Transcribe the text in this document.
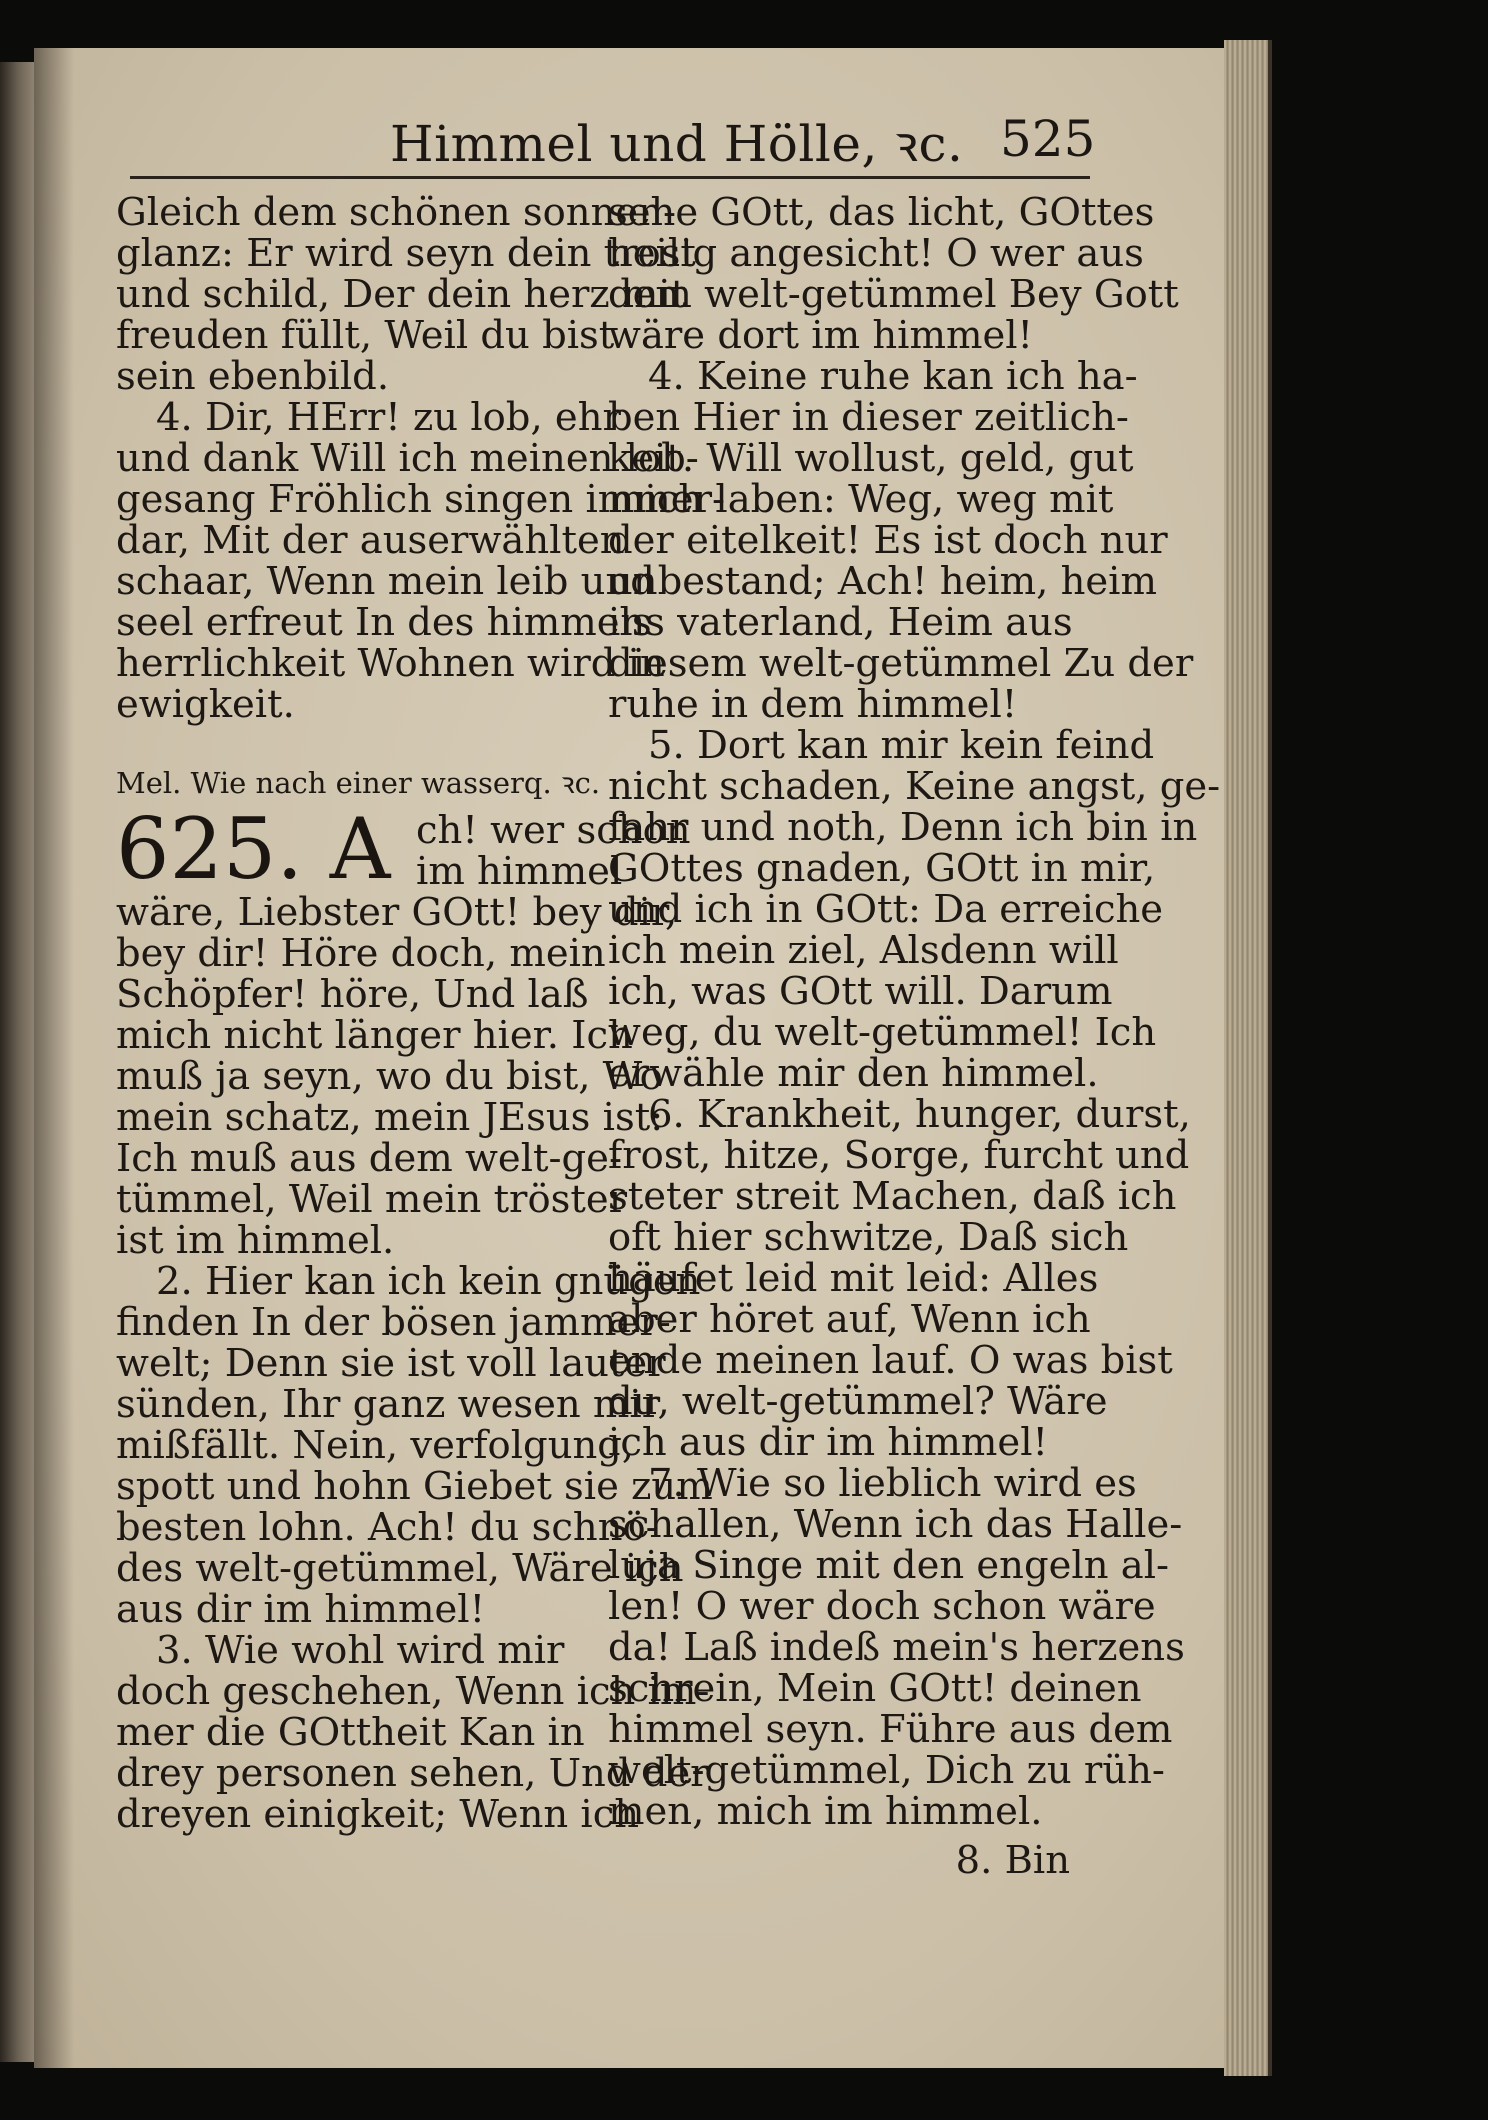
Himmel und Hölle, ꝛc. 525
Gleich dem schönen sonnen-
glanz: Er wird seyn dein trost
und schild, Der dein herz mit
freuden füllt, Weil du bist
sein ebenbild.
4. Dir, HErr! zu lob, ehr
und dank Will ich meinen lob-
gesang Fröhlich singen immer-
dar, Mit der auserwählten
schaar, Wenn mein leib und
seel erfreut In des himmels
herrlichkeit Wohnen wird in
ewigkeit.
Mel. Wie nach einer wasserq. ꝛc.
625. A ch! wer schon
im himmel
wäre, Liebster GOtt! bey dir,
bey dir! Höre doch, mein
Schöpfer! höre, Und laß
mich nicht länger hier. Ich
muß ja seyn, wo du bist, Wo
mein schatz, mein JEsus ist:
Ich muß aus dem welt-ge-
tümmel, Weil mein tröster
ist im himmel.
2. Hier kan ich kein gnügen
finden In der bösen jammer-
welt; Denn sie ist voll lauter
sünden, Ihr ganz wesen mir
mißfällt. Nein, verfolgung,
spott und hohn Giebet sie zum
besten lohn. Ach! du schnö-
des welt-getümmel, Wäre ich
aus dir im himmel!
3. Wie wohl wird mir
doch geschehen, Wenn ich im-
mer die GOttheit Kan in
drey personen sehen, Und der
dreyen einigkeit; Wenn ich
sehe GOtt, das licht, GOttes
heilig angesicht! O wer aus
dem welt-getümmel Bey Gott
wäre dort im himmel!
4. Keine ruhe kan ich ha-
ben Hier in dieser zeitlich-
keit. Will wollust, geld, gut
mich laben: Weg, weg mit
der eitelkeit! Es ist doch nur
unbestand; Ach! heim, heim
ins vaterland, Heim aus
diesem welt-getümmel Zu der
ruhe in dem himmel!
5. Dort kan mir kein feind
nicht schaden, Keine angst, ge-
fahr und noth, Denn ich bin in
GOttes gnaden, GOtt in mir,
und ich in GOtt: Da erreiche
ich mein ziel, Alsdenn will
ich, was GOtt will. Darum
weg, du welt-getümmel! Ich
erwähle mir den himmel.
6. Krankheit, hunger, durst,
frost, hitze, Sorge, furcht und
steter streit Machen, daß ich
oft hier schwitze, Daß sich
häufet leid mit leid: Alles
aber höret auf, Wenn ich
ende meinen lauf. O was bist
du, welt-getümmel? Wäre
ich aus dir im himmel!
7. Wie so lieblich wird es
schallen, Wenn ich das Halle-
luja Singe mit den engeln al-
len! O wer doch schon wäre
da! Laß indeß mein's herzens
schrein, Mein GOtt! deinen
himmel seyn. Führe aus dem
welt-getümmel, Dich zu rüh-
men, mich im himmel.
8. Bin
